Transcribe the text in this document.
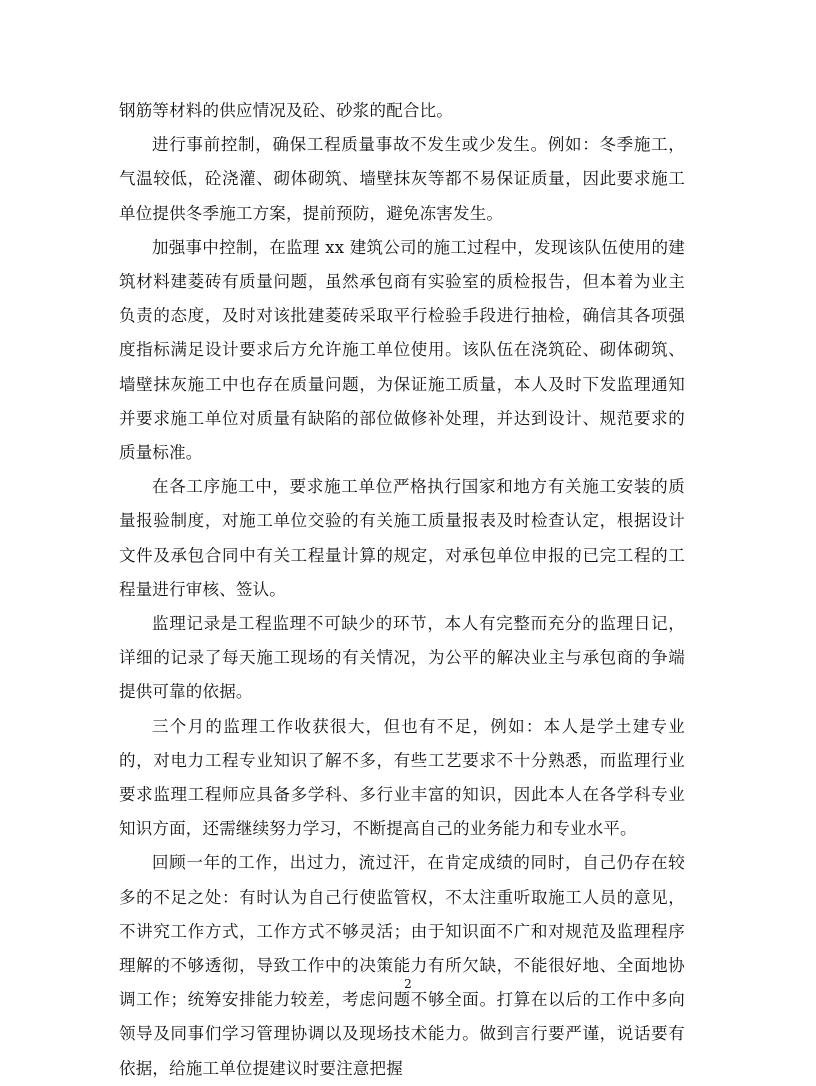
钢筋等材料的供应情况及砼、砂浆的配合比。

进行事前控制，确保工程质量事故不发生或少发生。例如：冬季施工，气温较低，砼浇灌、砌体砌筑、墙壁抹灰等都不易保证质量，因此要求施工单位提供冬季施工方案，提前预防，避免冻害发生。

加强事中控制，在监理 xx 建筑公司的施工过程中，发现该队伍使用的建筑材料建菱砖有质量问题，虽然承包商有实验室的质检报告，但本着为业主负责的态度，及时对该批建菱砖采取平行检验手段进行抽检，确信其各项强度指标满足设计要求后方允许施工单位使用。该队伍在浇筑砼、砌体砌筑、墙壁抹灰施工中也存在质量问题，为保证施工质量，本人及时下发监理通知并要求施工单位对质量有缺陷的部位做修补处理，并达到设计、规范要求的质量标准。

在各工序施工中，要求施工单位严格执行国家和地方有关施工安装的质量报验制度，对施工单位交验的有关施工质量报表及时检查认定，根据设计文件及承包合同中有关工程量计算的规定，对承包单位申报的已完工程的工程量进行审核、签认。

监理记录是工程监理不可缺少的环节，本人有完整而充分的监理日记，详细的记录了每天施工现场的有关情况，为公平的解决业主与承包商的争端提供可靠的依据。

三个月的监理工作收获很大，但也有不足，例如：本人是学土建专业的，对电力工程专业知识了解不多，有些工艺要求不十分熟悉，而监理行业要求监理工程师应具备多学科、多行业丰富的知识，因此本人在各学科专业知识方面，还需继续努力学习，不断提高自己的业务能力和专业水平。

回顾一年的工作，出过力，流过汗，在肯定成绩的同时，自己仍存在较多的不足之处：有时认为自己行使监管权，不太注重听取施工人员的意见，不讲究工作方式，工作方式不够灵活；由于知识面不广和对规范及监理程序理解的不够透彻，导致工作中的决策能力有所欠缺，不能很好地、全面地协调工作；统筹安排能力较差，考虑问题不够全面。打算在以后的工作中多向领导及同事们学习管理协调以及现场技术能力。做到言行要严谨，说话要有依据，给施工单位提建议时要注意把握

2
